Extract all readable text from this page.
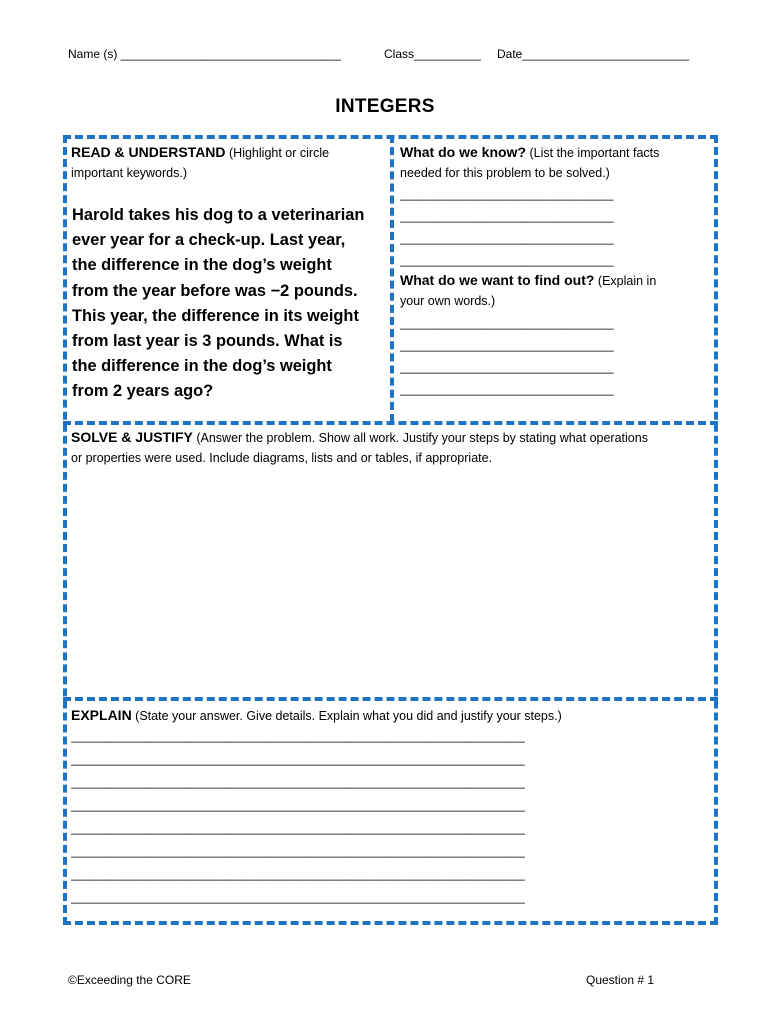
Name (s) _________________________________	Class__________ Date_________________________
INTEGERS
READ & UNDERSTAND (Highlight or circle
important keywords.)
Harold takes his dog to a veterinarian
ever year for a check-up. Last year,
the difference in the dog’s weight
from the year before was −2 pounds.
This year, the difference in its weight
from last year is 3 pounds. What is
the difference in the dog’s weight
from 2 years ago?
What do we know? (List the important facts
needed for this problem to be solved.)
________________________________
________________________________
________________________________
________________________________
What do we want to find out? (Explain in
your own words.)
________________________________
________________________________
________________________________
________________________________
SOLVE & JUSTIFY (Answer the problem. Show all work. Justify your steps by stating what operations
or properties were used. Include diagrams, lists and or tables, if appropriate.
EXPLAIN (State your answer. Give details. Explain what you did and justify your steps.)
____________________________________________________________________
____________________________________________________________________
____________________________________________________________________
____________________________________________________________________
____________________________________________________________________
____________________________________________________________________
____________________________________________________________________
____________________________________________________________________
©Exceeding the CORE	Question # 1
